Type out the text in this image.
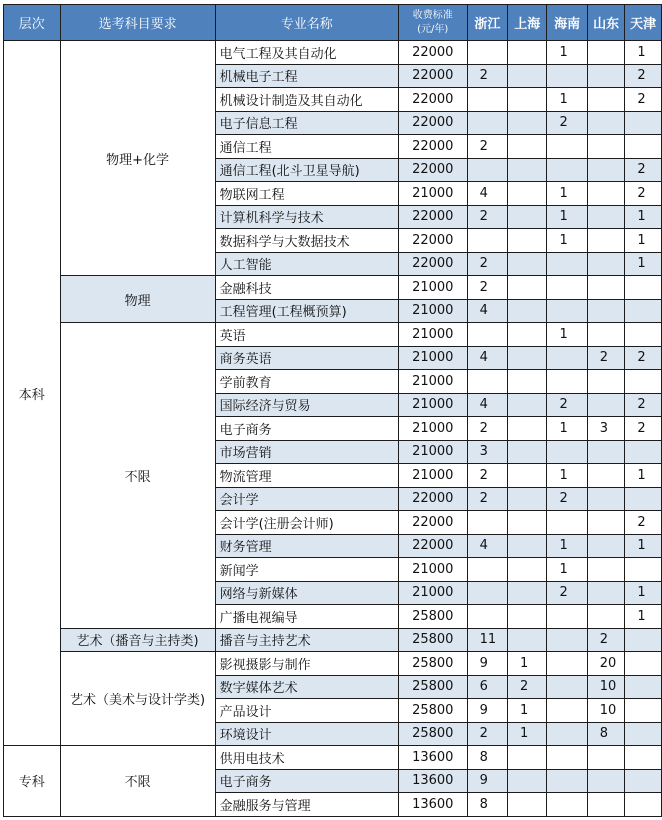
层次	选考科目要求	专业名称	收费标准
(元/年)	浙江	上海	海南	山东	天津
本科	物理+化学	电气工程及其自动化	22000			1		1
		机械电子工程	22000	2				2
		机械设计制造及其自动化	22000			1		2
		电子信息工程	22000			2		
		通信工程	22000	2				
		通信工程(北斗卫星导航)	22000					2
		物联网工程	21000	4		1		2
		计算机科学与技术	22000	2		1		1
		数据科学与大数据技术	22000			1		1
		人工智能	22000	2				1
	物理	金融科技	21000	2				
		工程管理(工程概预算)	21000	4				
	不限	英语	21000			1		
		商务英语	21000	4			2	2
		学前教育	21000					
		国际经济与贸易	21000	4		2		2
		电子商务	21000	2		1	3	2
		市场营销	21000	3				
		物流管理	21000	2		1		1
		会计学	22000	2		2		
		会计学(注册会计师)	22000					2
		财务管理	22000	4		1		1
		新闻学	21000			1		
		网络与新媒体	21000			2		1
		广播电视编导	25800					1
	艺术（播音与主持类)	播音与主持艺术	25800	11			2	
	艺术（美术与设计学类)	影视摄影与制作	25800	9	1		20	
		数字媒体艺术	25800	6	2		10	
		产品设计	25800	9	1		10	
		环境设计	25800	2	1		8	
专科	不限	供用电技术	13600	8				
		电子商务	13600	9				
		金融服务与管理	13600	8				
